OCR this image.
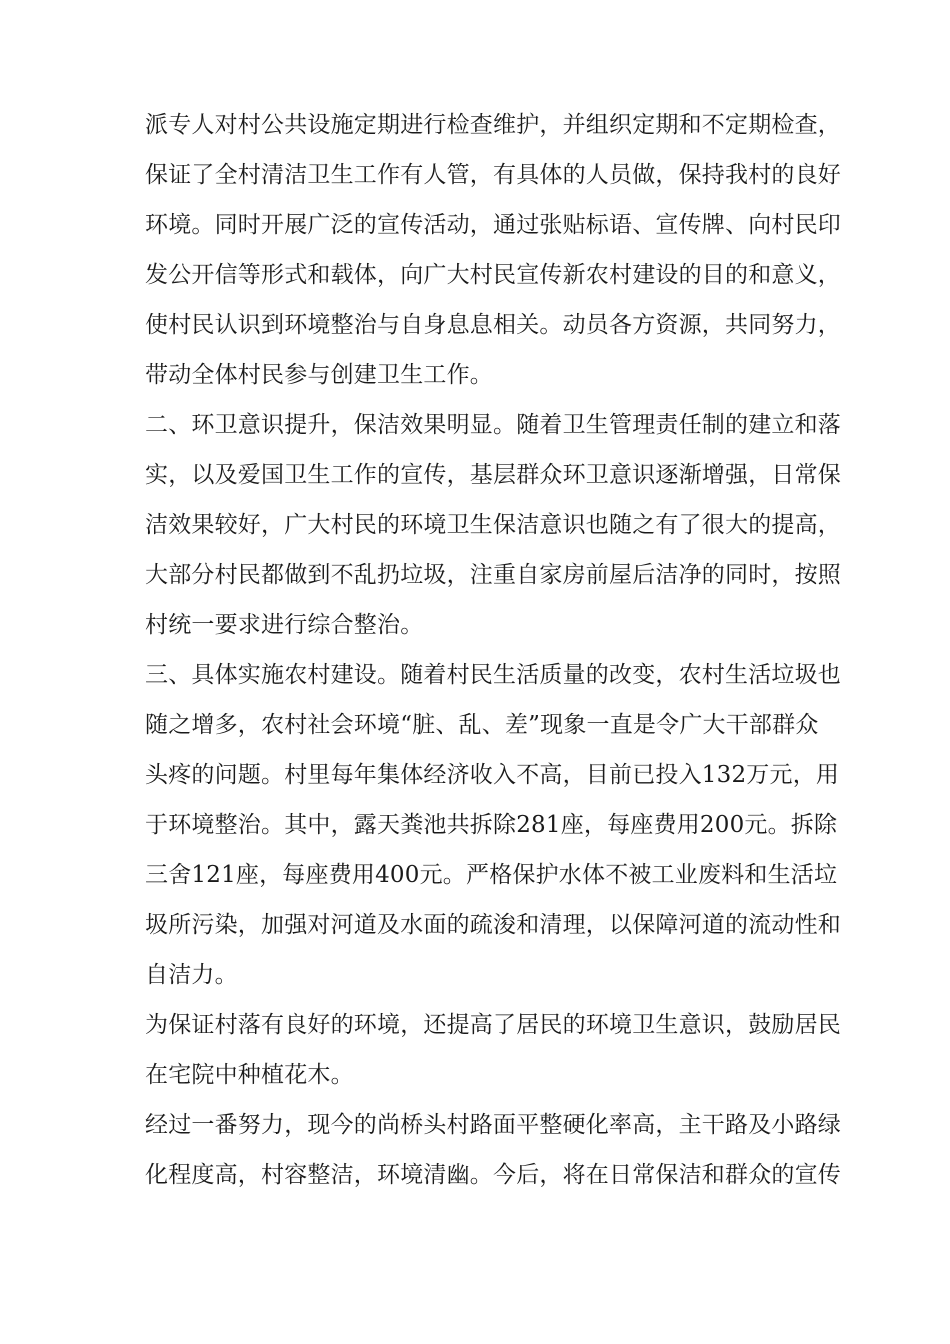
派专人对村公共设施定期进行检查维护，并组织定期和不定期检查，
保证了全村清洁卫生工作有人管，有具体的人员做，保持我村的良好
环境。同时开展广泛的宣传活动，通过张贴标语、宣传牌、向村民印
发公开信等形式和载体，向广大村民宣传新农村建设的目的和意义，
使村民认识到环境整治与自身息息相关。动员各方资源，共同努力，
带动全体村民参与创建卫生工作。
二、环卫意识提升，保洁效果明显。随着卫生管理责任制的建立和落
实，以及爱国卫生工作的宣传，基层群众环卫意识逐渐增强，日常保
洁效果较好，广大村民的环境卫生保洁意识也随之有了很大的提高，
大部分村民都做到不乱扔垃圾，注重自家房前屋后洁净的同时，按照
村统一要求进行综合整治。
三、具体实施农村建设。随着村民生活质量的改变，农村生活垃圾也
随之增多，农村社会环境“脏、乱、差”现象一直是令广大干部群众
头疼的问题。村里每年集体经济收入不高，目前已投入132万元，用
于环境整治。其中，露天粪池共拆除281座，每座费用200元。拆除
三舍121座，每座费用400元。严格保护水体不被工业废料和生活垃
圾所污染，加强对河道及水面的疏浚和清理，以保障河道的流动性和
自洁力。
为保证村落有良好的环境，还提高了居民的环境卫生意识，鼓励居民
在宅院中种植花木。
经过一番努力，现今的尚桥头村路面平整硬化率高，主干路及小路绿
化程度高，村容整洁，环境清幽。今后，将在日常保洁和群众的宣传
